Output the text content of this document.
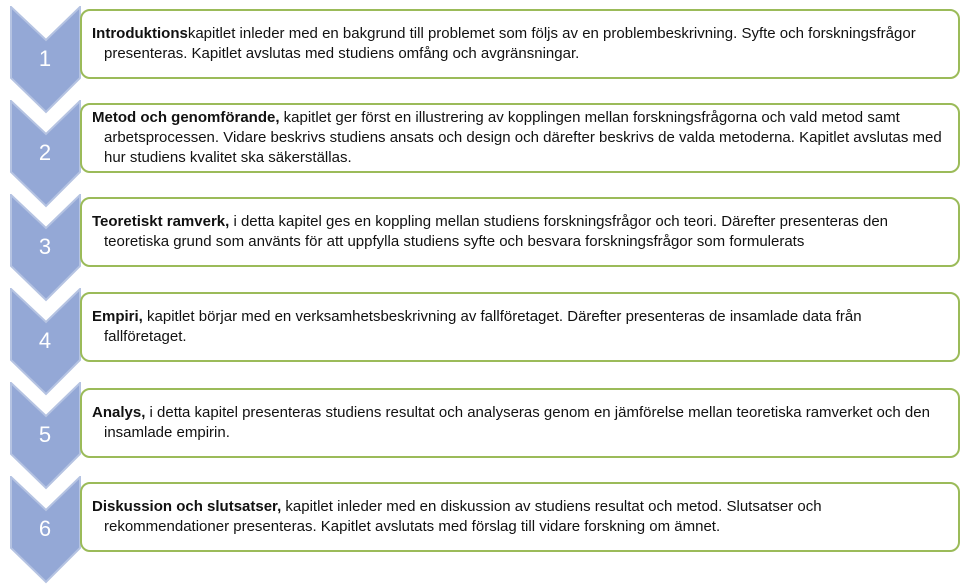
1
Introduktionskapitlet inleder med en bakgrund till problemet som följs av en problembeskrivning. Syfte och forskningsfrågor presenteras. Kapitlet avslutas med studiens omfång och avgränsningar.
2
Metod och genomförande, kapitlet ger först en illustrering av kopplingen mellan forskningsfrågorna och vald metod samt arbetsprocessen. Vidare beskrivs studiens ansats och design och därefter beskrivs de valda metoderna. Kapitlet avslutas med hur studiens kvalitet ska säkerställas.
3
Teoretiskt ramverk, i detta kapitel ges en koppling mellan studiens forskningsfrågor och teori. Därefter presenteras den teoretiska grund som använts för att uppfylla studiens syfte och besvara forskningsfrågor som formulerats
4
Empiri, kapitlet börjar med en verksamhetsbeskrivning av fallföretaget. Därefter presenteras de insamlade data från fallföretaget.
5
Analys, i detta kapitel presenteras studiens resultat och analyseras genom en jämförelse mellan teoretiska ramverket och den insamlade empirin.
6
Diskussion och slutsatser, kapitlet inleder med en diskussion av studiens resultat och metod. Slutsatser och rekommendationer presenteras. Kapitlet avslutats med förslag till vidare forskning om ämnet.
